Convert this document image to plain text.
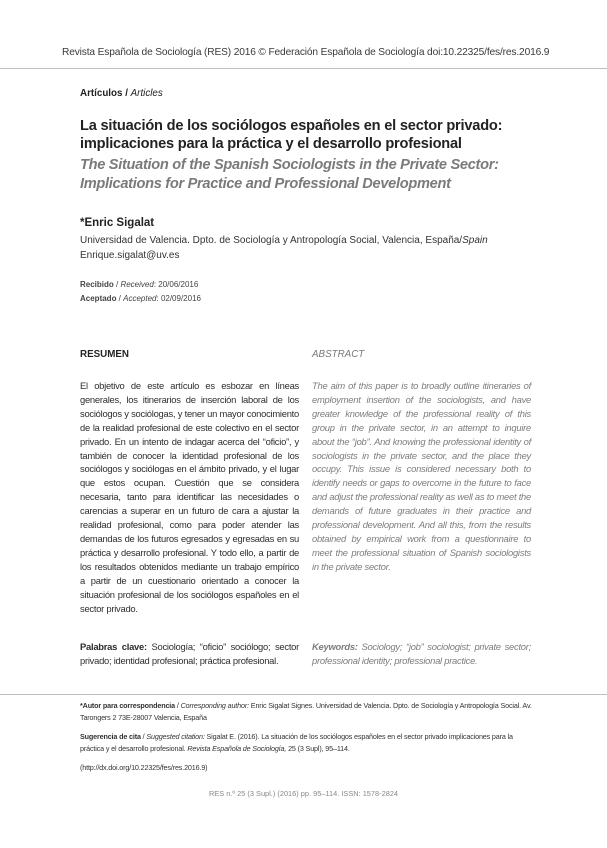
Revista Española de Sociología (RES) 2016 © Federación Española de Sociología doi:10.22325/fes/res.2016.9
Artículos / Articles
La situación de los sociólogos españoles en el sector privado: implicaciones para la práctica y el desarrollo profesional
The Situation of the Spanish Sociologists in the Private Sector: Implications for Practice and Professional Development
*Enric Sigalat
Universidad de Valencia. Dpto. de Sociología y Antropología Social, Valencia, España/Spain
Enrique.sigalat@uv.es
Recibido / Received: 20/06/2016
Aceptado / Accepted: 02/09/2016
RESUMEN	ABSTRACT
El objetivo de este artículo es esbozar en líneas generales, los itinerarios de inserción laboral de los sociólogos y sociólogas, y tener un mayor conocimiento de la realidad profesional de este colectivo en el sector privado. En un intento de indagar acerca del “oficio”, y también de conocer la identidad profesional de los sociólogos y sociólogas en el ámbito privado, y el lugar que estos ocupan. Cuestión que se considera necesaria, tanto para identificar las necesidades o carencias a superar en un futuro de cara a ajustar la realidad profesional, como para poder atender las demandas de los futuros egresados y egresadas en su práctica y desarrollo profesional. Y todo ello, a partir de los resultados obtenidos mediante un trabajo empírico a partir de un cuestionario orientado a conocer la situación profesional de los sociólogos españoles en el sector privado.
The aim of this paper is to broadly outline itineraries of employment insertion of the sociologists, and have greater knowledge of the professional reality of this group in the private sector, in an attempt to inquire about the “job”. And knowing the professional identity of sociologists in the private sector, and the place they occupy. This issue is considered necessary both to identify needs or gaps to overcome in the future to face and adjust the professional reality as well as to meet the demands of future graduates in their practice and professional development. And all this, from the results obtained by empirical work from a questionnaire to meet the professional situation of Spanish sociologists in the private sector.
Palabras clave: Sociología; “oficio” sociólogo; sector privado; identidad profesional; práctica profesional.
Keywords: Sociology; “job” sociologist; private sector; professional identity; professional practice.
*Autor para correspondencia / Corresponding author: Enric Sigalat Signes. Universidad de Valencia. Dpto. de Sociología y Antropología Social. Av. Tarongers 2 73E-28007 Valencia, España
Sugerencia de cita / Suggested citation: Sigalat E. (2016). La situación de los sociólogos españoles en el sector privado implicaciones para la práctica y el desarrollo profesional. Revista Española de Sociología, 25 (3 Supl), 95–114.
(http://dx.doi.org/10.22325/fes/res.2016.9)
RES n.º 25 (3 Supl.) (2016) pp. 95–114. ISSN: 1578-2824
